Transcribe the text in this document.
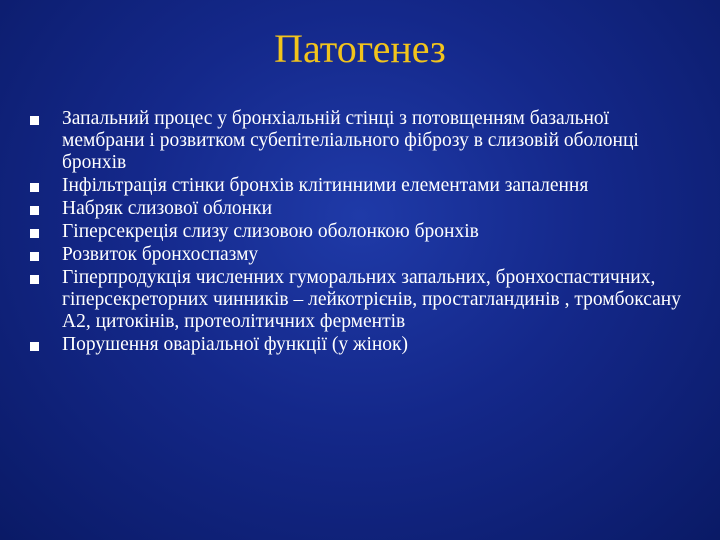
Патогенез
Запальний процес у бронхіальній стінці з потовщенням базальної мембрани і розвитком субепітеліального фіброзу в слизовій оболонці бронхів
Інфільтрація стінки бронхів клітинними елементами запалення
Набряк слизової облонки
Гіперсекреція слизу слизовою оболонкою бронхів
Розвиток бронхоспазму
Гіперпродукція численних гуморальних запальних, бронхоспастичних, гіперсекреторних чинників – лейкотрієнів, простагландинів , тромбоксану А2, цитокінів, протеолітичних ферментів
Порушення оваріальної функції (у жінок)
